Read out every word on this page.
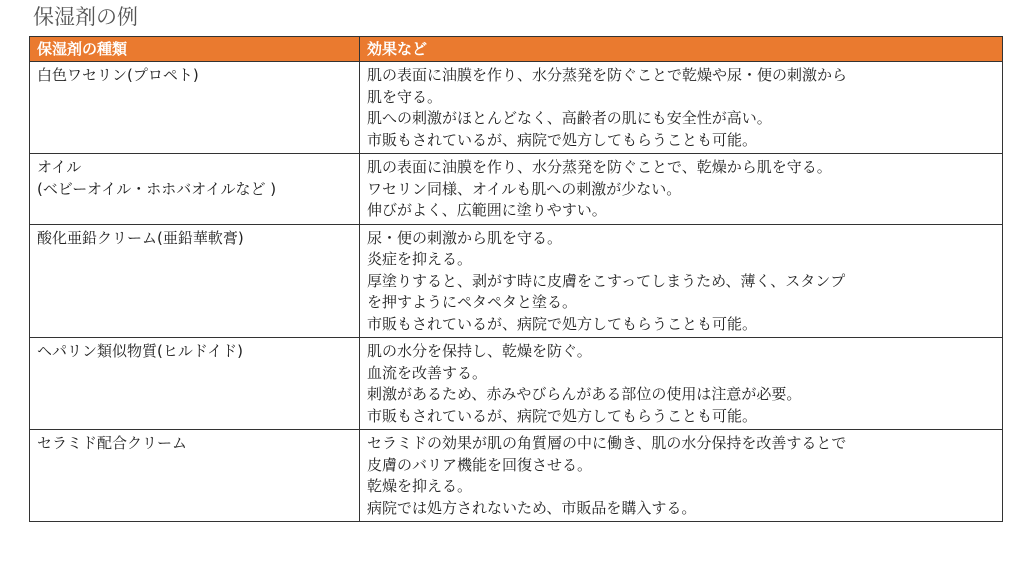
保湿剤の例
保湿剤の種類	効果など

白色ワセリン(プロペト)	肌の表面に油膜を作り、水分蒸発を防ぐことで乾燥や尿・便の刺激から
肌を守る。
肌への刺激がほとんどなく、高齢者の肌にも安全性が高い。
市販もされているが、病院で処方してもらうことも可能。

オイル
(ベビーオイル・ホホバオイルなど )	肌の表面に油膜を作り、水分蒸発を防ぐことで、乾燥から肌を守る。
ワセリン同様、オイルも肌への刺激が少ない。
伸びがよく、広範囲に塗りやすい。

酸化亜鉛クリーム(亜鉛華軟膏)	尿・便の刺激から肌を守る。
炎症を抑える。
厚塗りすると、剥がす時に皮膚をこすってしまうため、薄く、スタンプ
を押すようにペタペタと塗る。
市販もされているが、病院で処方してもらうことも可能。

ヘパリン類似物質(ヒルドイド)	肌の水分を保持し、乾燥を防ぐ。
血流を改善する。
刺激があるため、赤みやびらんがある部位の使用は注意が必要。
市販もされているが、病院で処方してもらうことも可能。

セラミド配合クリーム	セラミドの効果が肌の角質層の中に働き、肌の水分保持を改善するとで
皮膚のバリア機能を回復させる。
乾燥を抑える。
病院では処方されないため、市販品を購入する。
